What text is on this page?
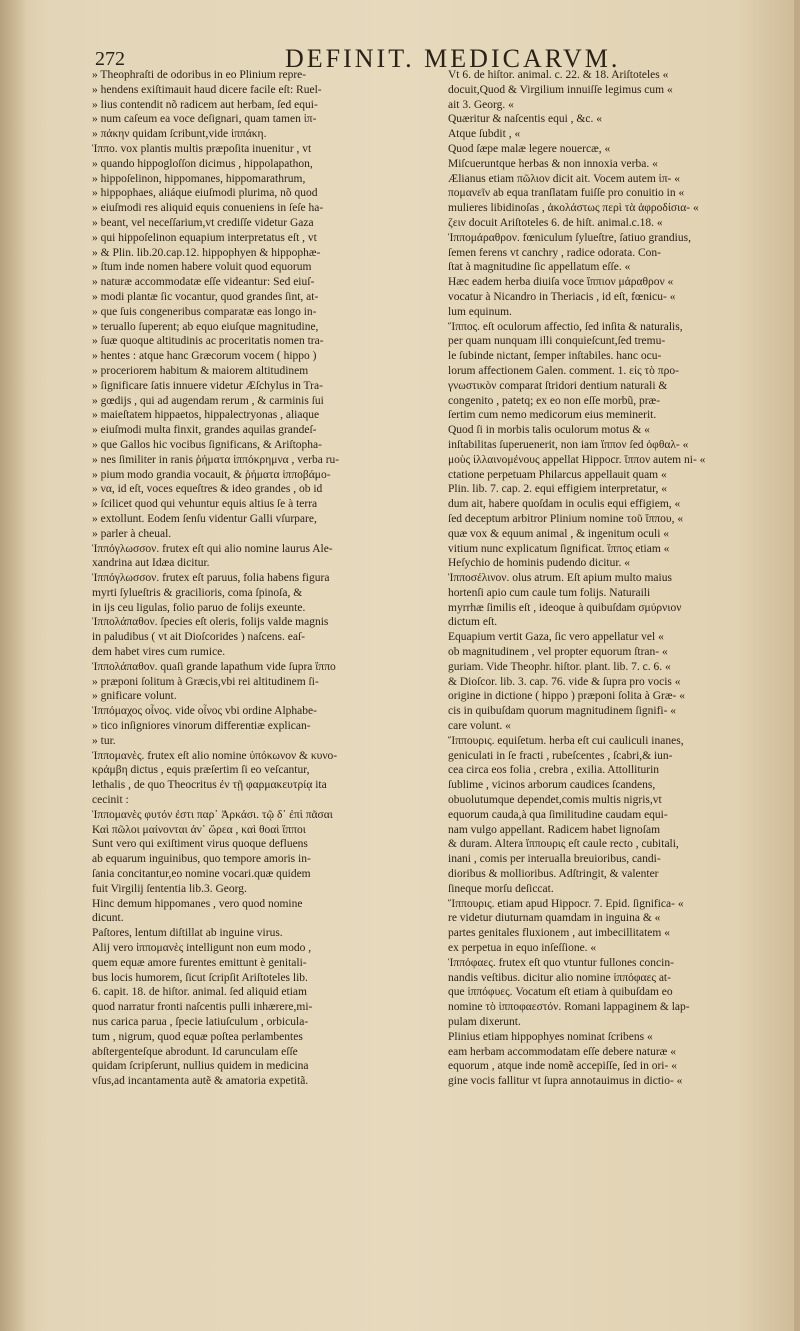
272	DEFINIT. MEDICARVM.

» Theophraſti de odoribus in eo Plinium repre-

» hendens exiſtimauit haud dicere facile eſt: Ruel-

» lius contendit nõ radicem aut herbam, ſed equi-

» num caſeum ea voce deſignari, quam tamen ἱπ-

» πάκην quidam ſcribunt,vide ἱππάκη.

Ἱππο. vox plantis multis præpoſita inuenitur , vt

» quando hippogloſſon dicimus , hippolapathon,

» hippoſelinon, hippomanes, hippomarathrum,

» hippophaes, aliáque eiuſmodi plurima, nõ quod

» eiuſmodi res aliquid equis conueniens in ſeſe ha-

» beant, vel neceſſarium,vt crediſſe videtur Gaza

» qui hippoſelinon equapium interpretatus eſt , vt

» & Plin. lib.20.cap.12. hippophyen & hippophæ-

» ſtum inde nomen habere voluit quod equorum

» naturæ accommodatæ eſſe videantur: Sed eiuſ-

» modi plantæ ſic vocantur, quod grandes ſint, at-

» que ſuis congeneribus comparatæ eas longo in-

» teruallo ſuperent; ab equo eiuſque magnitudine,

» ſuæ quoque altitudinis ac proceritatis nomen tra-

» hentes : atque hanc Græcorum vocem ( hippo )

» proceriorem habitum & maiorem altitudinem

» ſignificare ſatis innuere videtur Æſchylus in Tra-

» gœdijs , qui ad augendam rerum , & carminis ſui

» maieſtatem hippaetos, hippalectryonas , aliaque

» eiuſmodi multa finxit, grandes aquilas grandeſ-

» que Gallos hic vocibus ſignificans, & Ariſtopha-

» nes ſimiliter in ranis ῥήματα ἱππόκρημνα , verba ru-

» pium modo grandia vocauit, & ῥήματα ἱπποβάμο-

» να, id eſt, voces equeſtres & ideo grandes , ob id

» ſcilicet quod qui vehuntur equis altius ſe à terra

» extollunt. Eodem ſenſu videntur Galli vſurpare,

» parler à cheual.

Ἱππόγλωσσον. frutex eſt qui alio nomine laurus Ale-

xandrina aut Idæa dicitur.

Ἱππόγλωσσον. frutex eſt paruus, folia habens figura

myrti ſylueſtris & gracilioris, coma ſpinoſa, &

in ijs ceu ligulas, folio paruo de folijs exeunte.

Ἱππολάπαθον. ſpecies eſt oleris, folijs valde magnis

in paludibus ( vt ait Dioſcorides ) naſcens. eaſ-

dem habet vires cum rumice.

Ἱππολάπαθον. quaſi grande lapathum vide ſupra ἵππο

» præponi ſolitum à Græcis,vbi rei altitudinem ſi-

» gnificare volunt.

Ἱππόμαχος οἶνος. vide οἶνος vbi ordine Alphabe-

» tico inſigniores vinorum differentiæ explican-

» tur.

Ἱππομανὲς. frutex eſt alio nomine ὑπόκωνον & κυνο-

κράμβη dictus , equis præſertim ſi eo veſcantur,

lethalis , de quo Theocritus ἐν τῇ φαρμακευτρίᾳ ita

cecinit :

Ἱππομανὲς φυτόν ἐστι παρ᾽ Ἀρκάσι. τῷ δ᾽ ἐπὶ πᾶσαι

Καὶ πῶλοι μαίνονται ἀν᾽ ὤρεα , καὶ θοαὶ ἵπποι

Sunt vero qui exiſtiment virus quoque defluens

ab equarum inguinibus, quo tempore amoris in-

ſania concitantur,eo nomine vocari.quæ quidem

fuit Virgilij ſententia lib.3. Georg.

Hinc demum hippomanes , vero quod nomine

dicunt.

Paſtores, lentum diſtillat ab inguine virus.

Alij vero ἱππομανὲς intelligunt non eum modo ,

quem equæ amore furentes emittunt è genitali-

bus locis humorem, ſicut ſcripſit Ariſtoteles lib.

6. capit. 18. de hiſtor. animal. ſed aliquid etiam

quod narratur fronti naſcentis pulli inhærere,mi-

nus carica parua , ſpecie latiuſculum , orbicula-

tum , nigrum, quod equæ poſtea perlambentes

abſtergenteſque abrodunt. Id carunculam eſſe

quidam ſcripſerunt, nullius quidem in medicina

vſus,ad incantamenta autẽ & amatoria expetitã.

Vt 6. de hiſtor. animal. c. 22. & 18. Ariſtoteles «

docuit,Quod & Virgilium innuiſſe legimus cum «

ait 3. Georg. «

Quæritur & naſcentis equi , &c. «

Atque ſubdit , «

Quod ſæpe malæ legere nouercæ, «

Miſcueruntque herbas & non innoxia verba. «

Ælianus etiam πῶλιον dicit ait. Vocem autem ἱπ- «

πομανεῖν ab equa tranſlatam fuiſſe pro conuitio in «

mulieres libidinoſas , ἀκολάστως περὶ τὰ ἀφροδίσια- «

ζειν docuit Ariſtoteles 6. de hiſt. animal.c.18. «

Ἱππομάραθρον. fœniculum ſylueſtre, ſatiuo grandius,

ſemen ferens vt canchry , radice odorata. Con-

ſtat à magnitudine ſic appellatum eſſe. «

Hæc eadem herba diuiſa voce ἵππιον μάραθρον «

vocatur à Nicandro in Theriacis , id eſt, fœnicu- «

lum equinum.

Ἵππος. eſt oculorum affectio, ſed inſita & naturalis,

per quam nunquam illi conquieſcunt,ſed tremu-

le ſubinde nictant, ſemper inſtabiles. hanc ocu-

lorum affectionem Galen. comment. 1. εἰς τὸ προ-

γνωστικὸν comparat ſtridori dentium naturali &

congenito , patetq; ex eo non eſſe morbũ, præ-

ſertim cum nemo medicorum eius meminerit.

Quod ſi in morbis talis oculorum motus & «

inſtabilitas ſuperuenerit, non iam ἵππον ſed ὀφθαλ- «

μοὺς ἰλλαινομένους appellat Hippocr. ἵππον autem ni- «

ctatione perpetuam Philarcus appellauit quam «

Plin. lib. 7. cap. 2. equi effigiem interpretatur, «

dum ait, habere quoſdam in oculis equi effigiem, «

ſed deceptum arbitror Plinium nomine τοῦ ἵππου, «

quæ vox & equum animal , & ingenitum oculi «

vitium nunc explicatum ſignificat. ἵππος etiam «

Heſychio de hominis pudendo dicitur. «

Ἱπποσέλινον. olus atrum. Eſt apium multo maius

hortenſi apio cum caule tum folijs. Naturaili

myrrhæ ſimilis eſt , ideoque à quibuſdam σμύρνιον

dictum eſt.

Equapium vertit Gaza, ſic vero appellatur vel «

ob magnitudinem , vel propter equorum ſtran- «

guriam. Vide Theophr. hiſtor. plant. lib. 7. c. 6. «

& Dioſcor. lib. 3. cap. 76. vide & ſupra pro vocis «

origine in dictione ( hippo ) præponi ſolita à Græ- «

cis in quibuſdam quorum magnitudinem ſignifi- «

care volunt. «

Ἵππουρις. equiſetum. herba eſt cui cauliculi inanes,

geniculati in ſe fracti , rubeſcentes , ſcabri,& iun-

cea circa eos folia , crebra , exilia. Attolliturin

ſublime , vicinos arborum caudices ſcandens,

obuolutumque dependet,comis multis nigris,vt

equorum cauda,à qua ſimilitudine caudam equi-

nam vulgo appellant. Radicem habet lignoſam

& duram. Altera ἵππουρις eſt caule recto , cubitali,

inani , comis per interualla breuioribus, candi-

dioribus & mollioribus. Adſtringit, & valenter

ſineque morſu deſiccat.

Ἵππουρις. etiam apud Hippocr. 7. Epid. ſignifica- «

re videtur diuturnam quamdam in inguina & «

partes genitales fluxionem , aut imbecillitatem «

ex perpetua in equo inſeſſione. «

Ἱππόφαες. frutex eſt quo vtuntur fullones concin-

nandis veſtibus. dicitur alio nomine ἱππόφαες at-

que ἱππόφυες. Vocatum eſt etiam à quibuſdam eo

nomine τὸ ἱπποφαεστόν. Romani lappaginem & lap-

pulam dixerunt.

Plinius etiam hippophyes nominat ſcribens «

eam herbam accommodatam eſſe debere naturæ «

equorum , atque inde nomẽ accepiſſe, ſed in ori- «

gine vocis fallitur vt ſupra annotauimus in dictio- «
